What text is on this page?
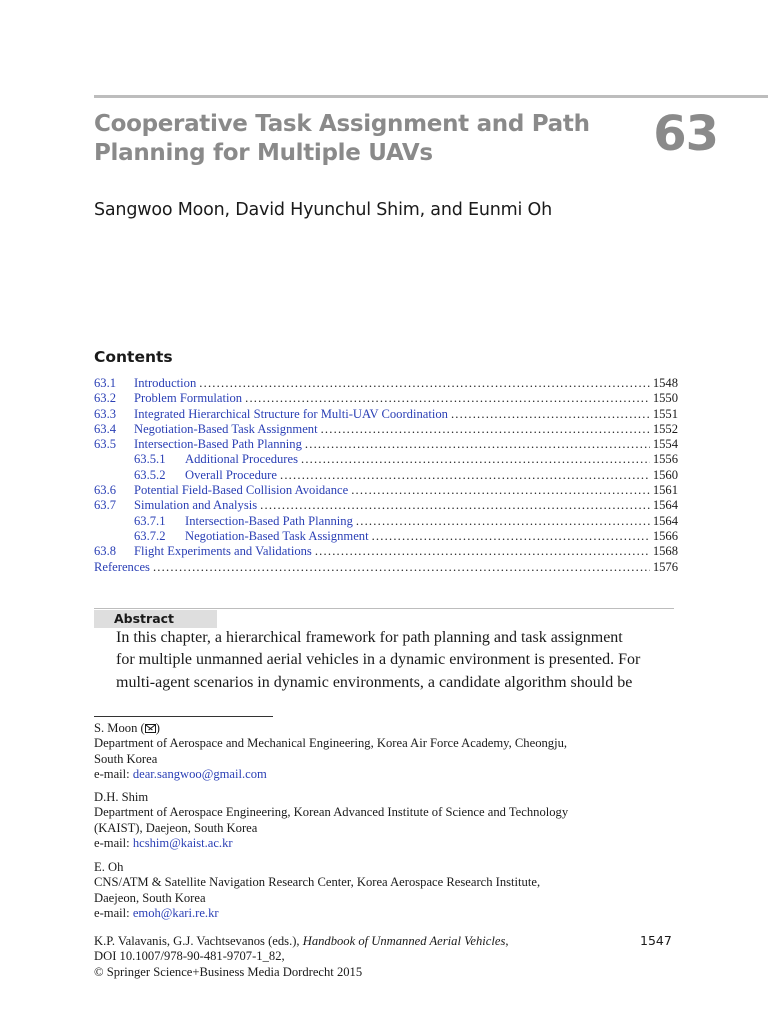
Cooperative Task Assignment and Path Planning for Multiple UAVs	63
Sangwoo Moon, David Hyunchul Shim, and Eunmi Oh
Contents
63.1	Introduction .....	1548
63.2	Problem Formulation .....	1550
63.3	Integrated Hierarchical Structure for Multi-UAV Coordination .....	1551
63.4	Negotiation-Based Task Assignment .....	1552
63.5	Intersection-Based Path Planning .....	1554
63.5.1	Additional Procedures .....	1556
63.5.2	Overall Procedure .....	1560
63.6	Potential Field-Based Collision Avoidance .....	1561
63.7	Simulation and Analysis .....	1564
63.7.1	Intersection-Based Path Planning .....	1564
63.7.2	Negotiation-Based Task Assignment .....	1566
63.8	Flight Experiments and Validations .....	1568
References .....	1576
Abstract
In this chapter, a hierarchical framework for path planning and task assignment
for multiple unmanned aerial vehicles in a dynamic environment is presented. For
multi-agent scenarios in dynamic environments, a candidate algorithm should be
S. Moon ( )
Department of Aerospace and Mechanical Engineering, Korea Air Force Academy, Cheongju,
South Korea
e-mail: dear.sangwoo@gmail.com
D.H. Shim
Department of Aerospace Engineering, Korean Advanced Institute of Science and Technology
(KAIST), Daejeon, South Korea
e-mail: hcshim@kaist.ac.kr
E. Oh
CNS/ATM & Satellite Navigation Research Center, Korea Aerospace Research Institute,
Daejeon, South Korea
e-mail: emoh@kari.re.kr
K.P. Valavanis, G.J. Vachtsevanos (eds.), Handbook of Unmanned Aerial Vehicles,
DOI 10.1007/978-90-481-9707-1_82,
© Springer Science+Business Media Dordrecht 2015
1547
